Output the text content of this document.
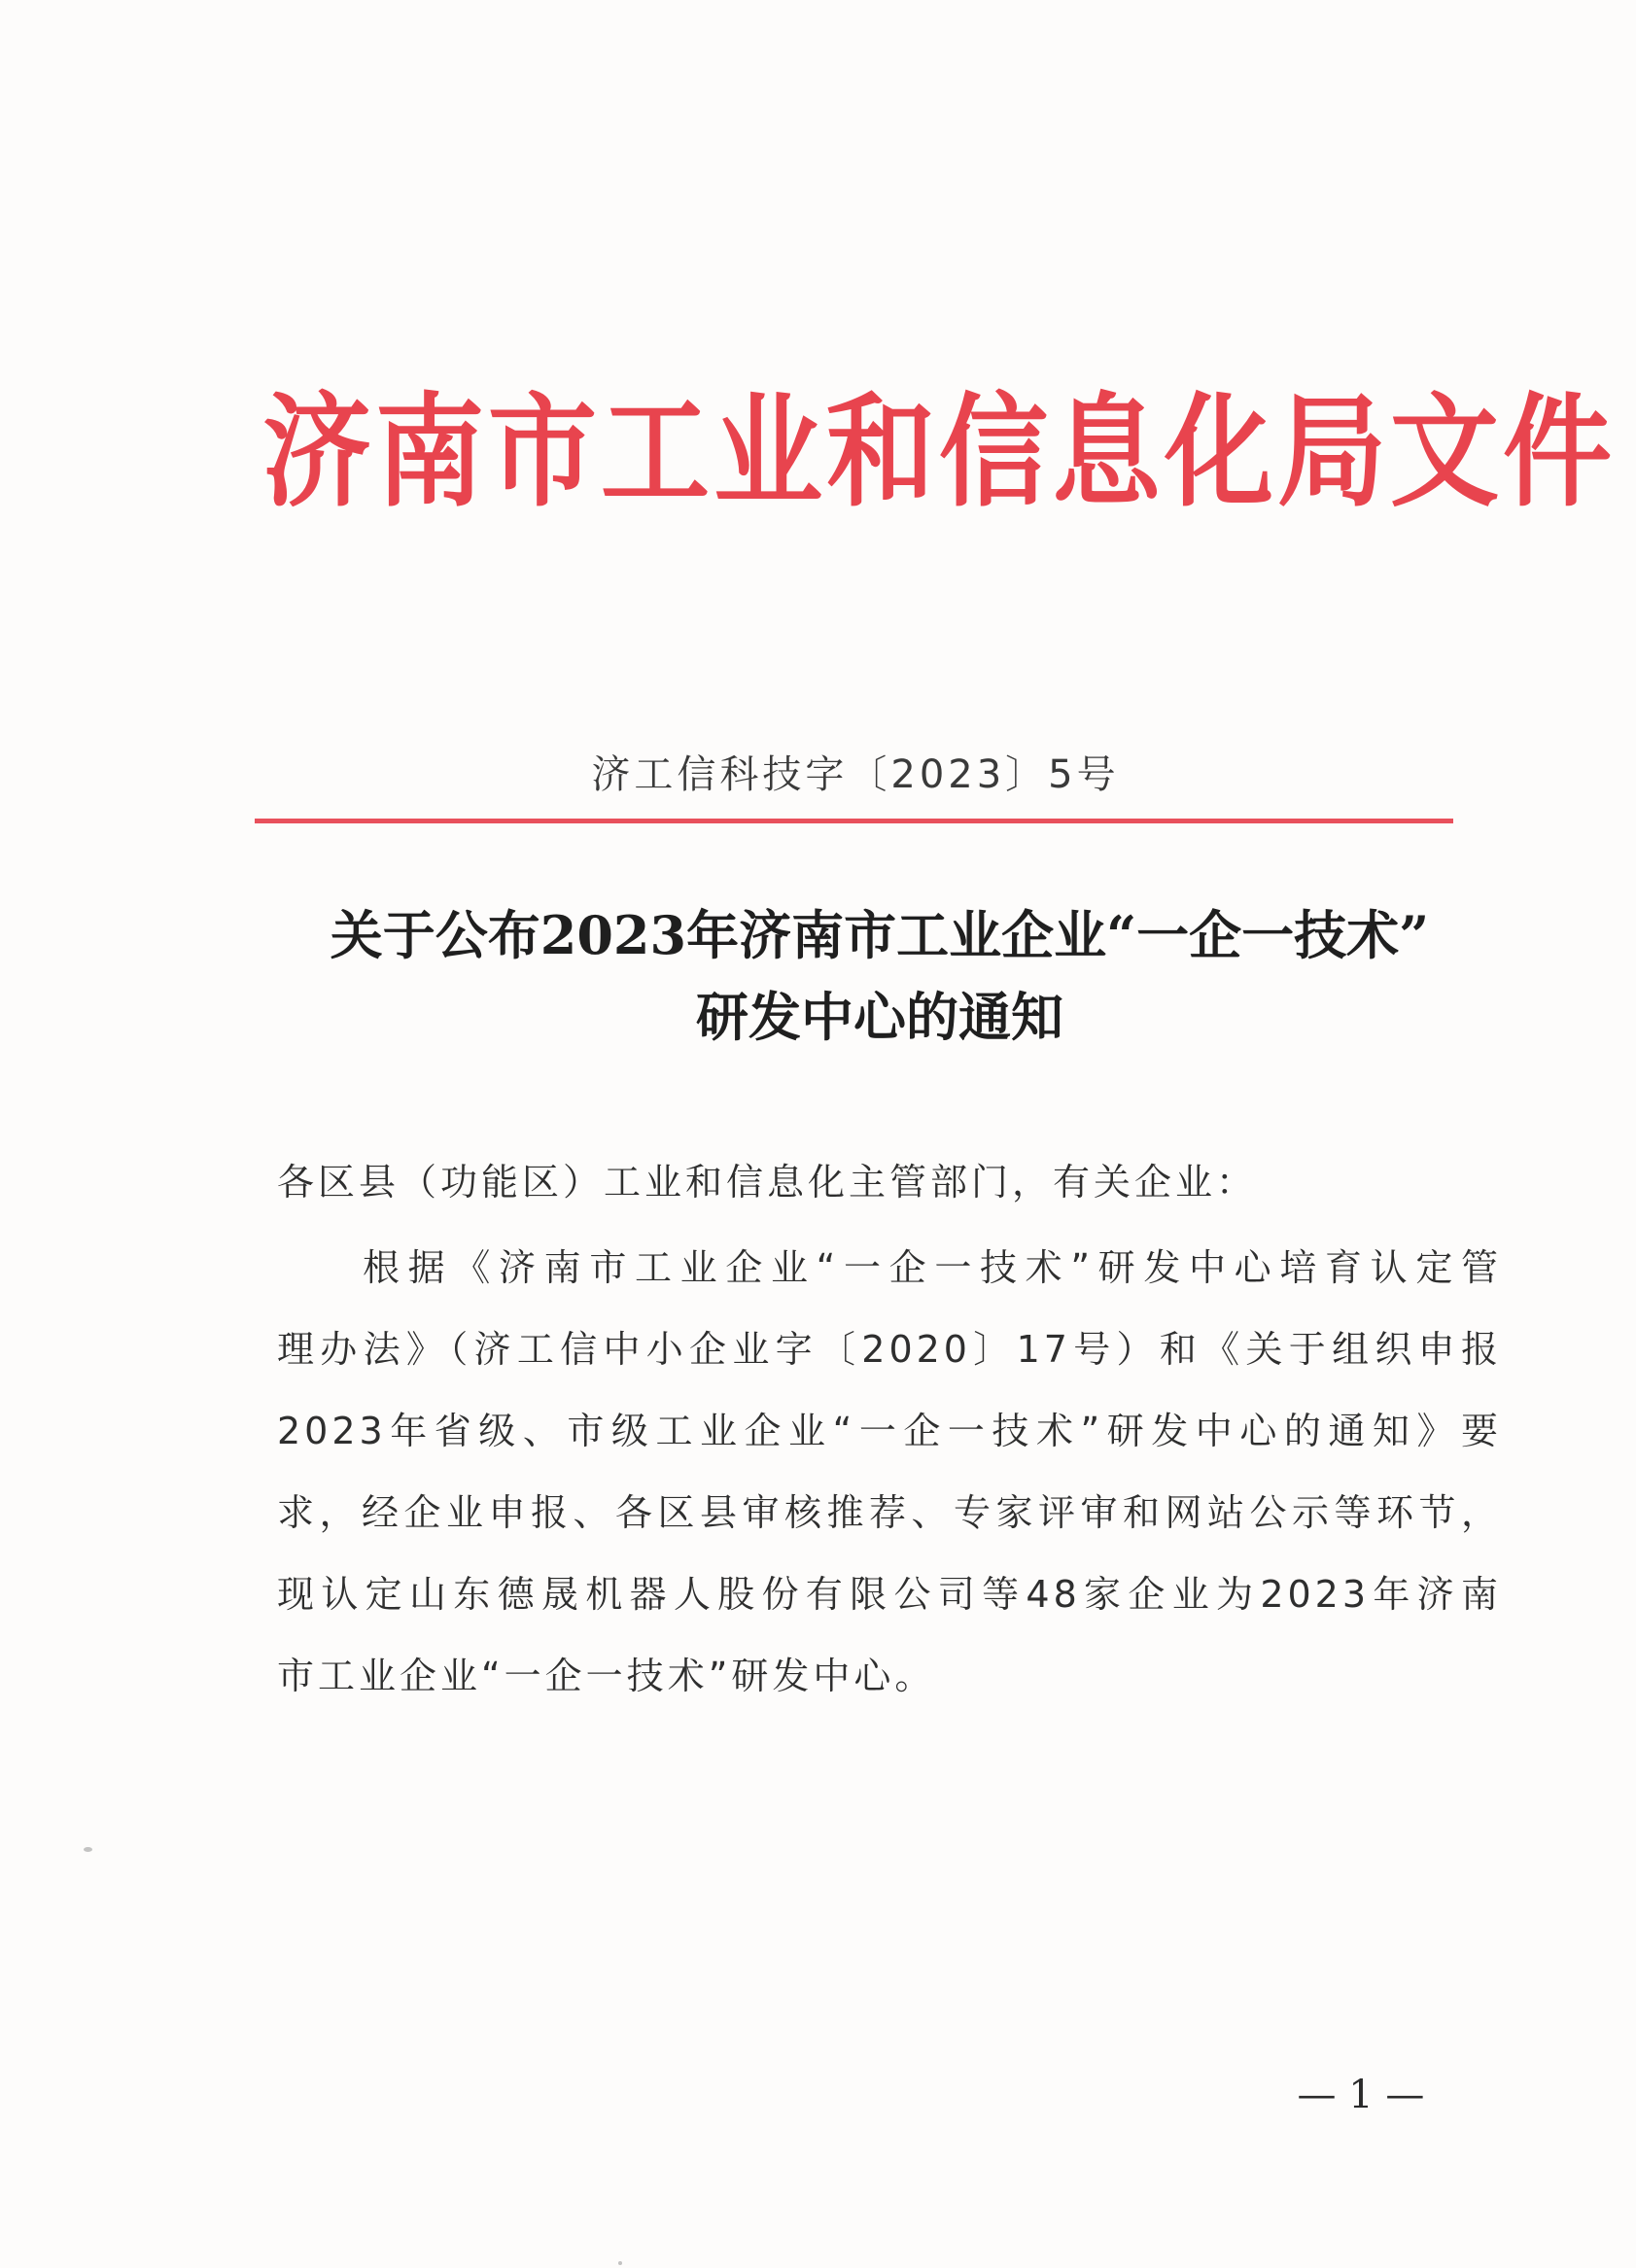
济南市工业和信息化局文件
济工信科技字〔2023〕5号
关于公布2023年济南市工业企业“一企一技术”
研发中心的通知
各区县（功能区）工业和信息化主管部门，有关企业：
根据《济南市工业企业“一企一技术”研发中心培育认定管
理办法》（济工信中小企业字〔2020〕17号）和《关于组织申报
2023年省级、市级工业企业“一企一技术”研发中心的通知》要
求，经企业申报、各区县审核推荐、专家评审和网站公示等环节，
现认定山东德晟机器人股份有限公司等48家企业为2023年济南
市工业企业“一企一技术”研发中心。
— 1 —
